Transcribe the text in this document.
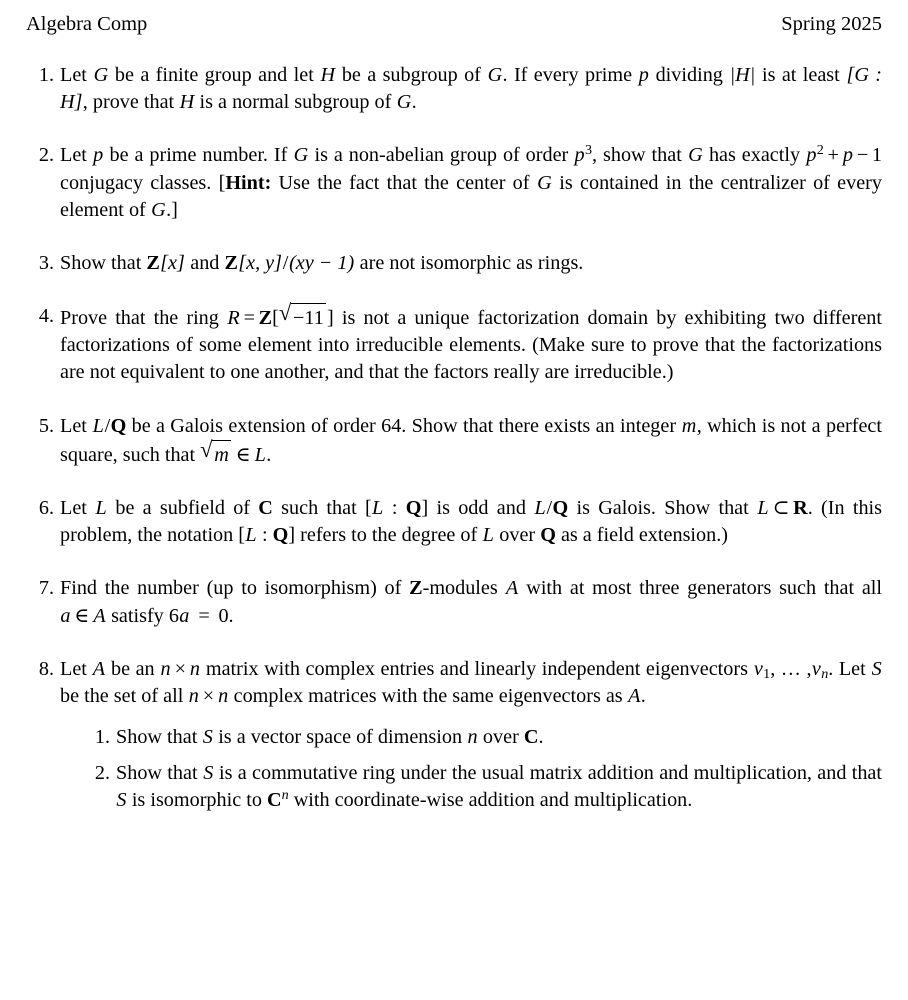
Algebra Comp	Spring 2025
Let G be a finite group and let H be a subgroup of G. If every prime p dividing |H| is at least [G : H], prove that H is a normal subgroup of G.
Let p be a prime number. If G is a non-abelian group of order $p^3$, show that G has exactly $p^2 + p - 1$ conjugacy classes. [Hint: Use the fact that the center of G is contained in the centralizer of every element of G.]
Show that Z[x] and Z[x, y]/(xy − 1) are not isomorphic as rings.
Prove that the ring R = Z[ √ −11 ] is not a unique factorization domain by exhibiting two different factorizations of some element into irreducible elements. (Make sure to prove that the factorizations are not equivalent to one another, and that the factors really are irreducible.)
Let L/Q be a Galois extension of order 64. Show that there exists an integer m, which is not a perfect square, such that √ m ∈ L.
Let L be a subfield of C such that [L : Q] is odd and L/Q is Galois. Show that L ⊂ R. (In this problem, the notation [L : Q] refers to the degree of L over Q as a field extension.)
Find the number (up to isomorphism) of Z-modules A with at most three generators such that all a ∈ A satisfy 6a = 0.
Let A be an n × n matrix with complex entries and linearly independent eigenvectors $v_1$, … $,v_n$. Let S be the set of all n × n complex matrices with the same eigenvectors as A.
Show that S is a vector space of dimension n over C.
Show that S is a commutative ring under the usual matrix addition and multiplication, and that S is isomorphic to $C^n$ with coordinate-wise addition and multiplication.
